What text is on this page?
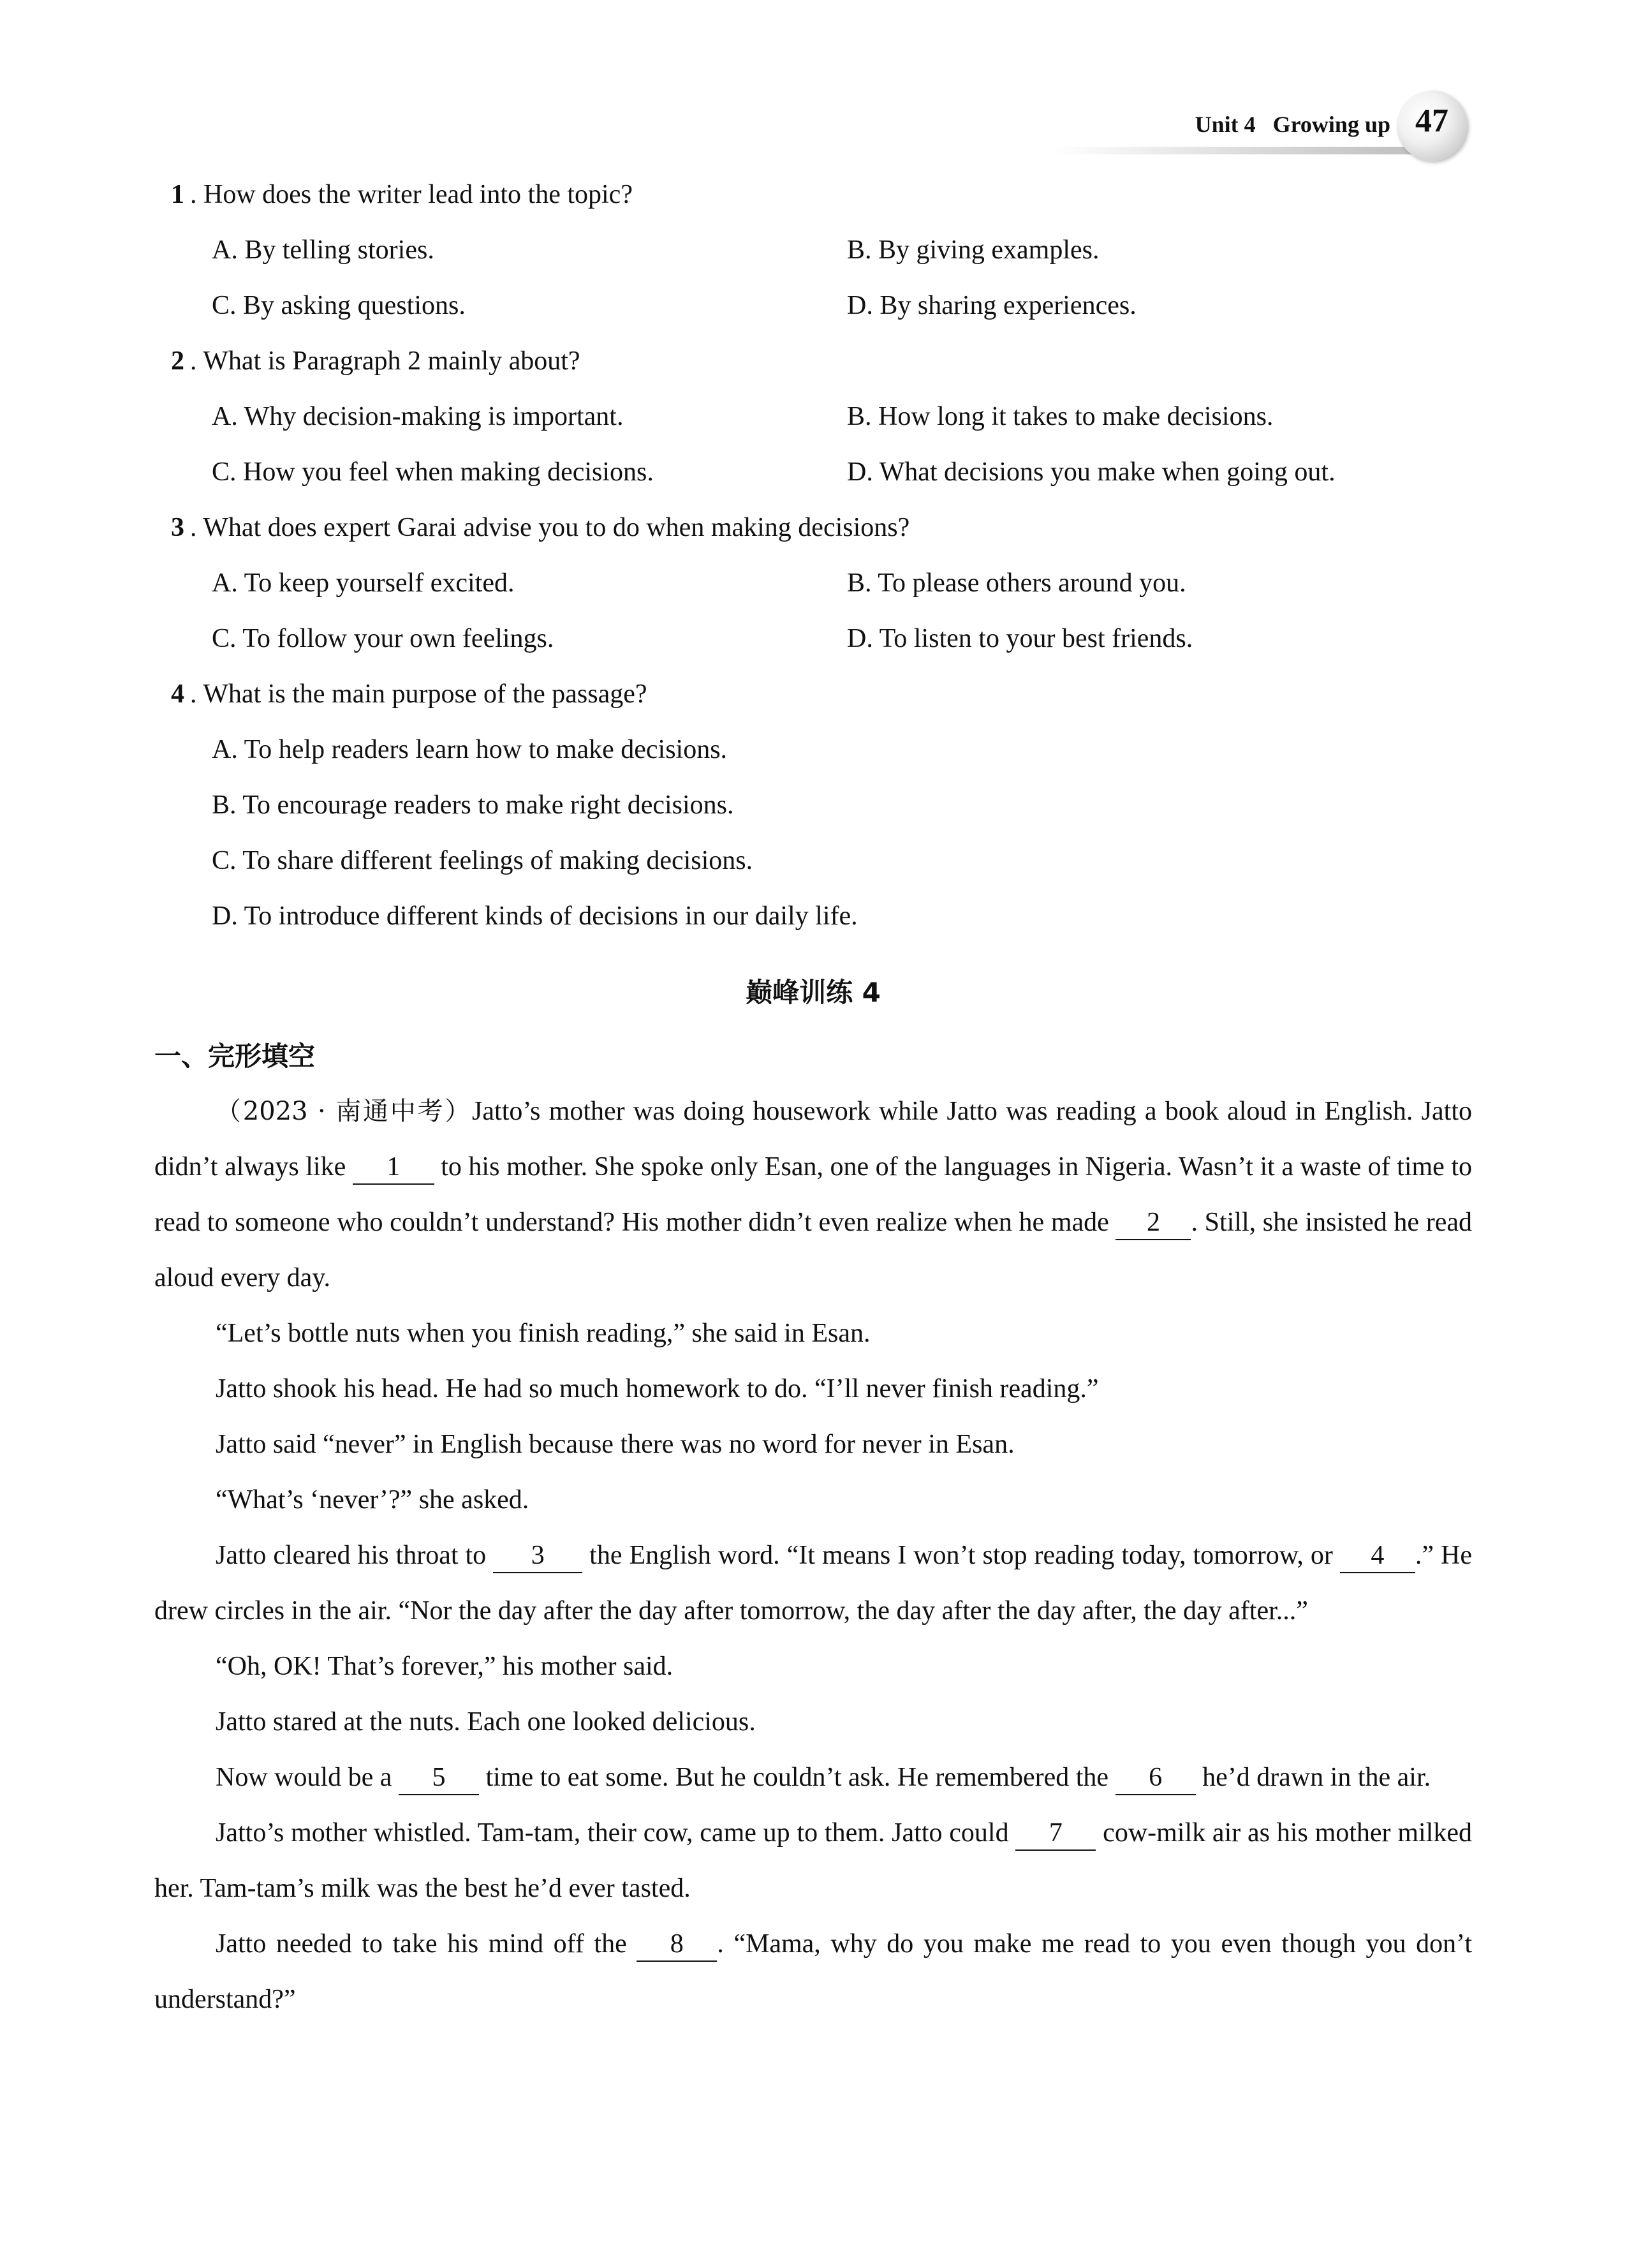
Unit 4 Growing up 47
1 . How does the writer lead into the topic?
A. By telling stories.	B. By giving examples.
C. By asking questions.	D. By sharing experiences.
2 . What is Paragraph 2 mainly about?
A. Why decision-making is important.	B. How long it takes to make decisions.
C. How you feel when making decisions.	D. What decisions you make when going out.
3 . What does expert Garai advise you to do when making decisions?
A. To keep yourself excited.	B. To please others around you.
C. To follow your own feelings.	D. To listen to your best friends.
4 . What is the main purpose of the passage?
A. To help readers learn how to make decisions.
B. To encourage readers to make right decisions.
C. To share different feelings of making decisions.
D. To introduce different kinds of decisions in our daily life.
巅峰训练 4
一、完形填空

（2023 · 南通中考）Jatto’s mother was doing housework while Jatto was reading a book aloud in English. Jatto didn’t always like 1 to his mother. She spoke only Esan, one of the languages in Nigeria. Wasn’t it a waste of time to read to someone who couldn’t understand? His mother didn’t even realize when he made 2 . Still, she insisted he read aloud every day.

“Let’s bottle nuts when you finish reading,” she said in Esan.

Jatto shook his head. He had so much homework to do. “I’ll never finish reading.”

Jatto said “never” in English because there was no word for never in Esan.

“What’s ‘never’?” she asked.

Jatto cleared his throat to 3 the English word. “It means I won’t stop reading today, tomorrow, or 4 .” He drew circles in the air. “Nor the day after the day after tomorrow, the day after the day after, the day after...”

“Oh, OK! That’s forever,” his mother said.

Jatto stared at the nuts. Each one looked delicious.

Now would be a 5 time to eat some. But he couldn’t ask. He remembered the 6 he’d drawn in the air.

Jatto’s mother whistled. Tam-tam, their cow, came up to them. Jatto could 7 cow-milk air as his mother milked her. Tam-tam’s milk was the best he’d ever tasted.

Jatto needed to take his mind off the 8 . “Mama, why do you make me read to you even though you don’t understand?”
